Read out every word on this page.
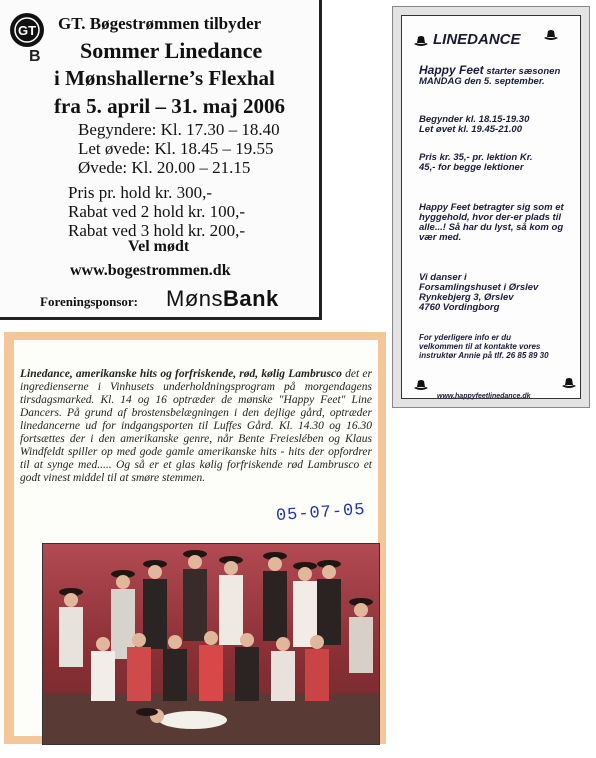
GT
B
GT. Bøgestrømmen tilbyder
Sommer Linedance
i Mønshallerne’s Flexhal
fra 5. april – 31. maj 2006
Begyndere: Kl. 17.30 – 18.40
Let øvede: Kl. 18.45 – 19.55
Øvede: Kl. 20.00 – 21.15
Pris pr. hold kr. 300,-
Rabat ved 2 hold kr. 100,-
Rabat ved 3 hold kr. 200,-
Vel mødt
www.bogestrommen.dk
Foreningsponsor: MønsBank
LINEDANCE
Happy Feet starter sæsonen MANDAG den 5. september.
Begynder kl. 18.15-19.30
Let øvet kl. 19.45-21.00
Pris kr. 35,- pr. lektion Kr. 45,- for begge lektioner
Happy Feet betragter sig som et hyggehold, hvor der-er plads til alle...! Så har du lyst, så kom og vær med.
Vi danser i
Forsamlingshuset i Ørslev
Rynkebjerg 3, Ørslev
4760 Vordingborg
For yderligere info er du velkommen til at kontakte vores instruktør Annie på tlf. 26 85 89 30
www.happyfeetlinedance.dk

Linedance, amerikanske hits og forfriskende, rød, kølig Lambrusco det er ingredienserne i Vinhusets underholdningsprogram på morgendagens tirsdagsmarked. Kl. 14 og 16 optræder de mønske "Happy Feet" Line Dancers. På grund af brostensbelægningen i den dejlige gård, optræder linedancerne ud for indgangsporten til Luffes Gård. Kl. 14.30 og 16.30 fortsættes der i den amerikanske genre, når Bente Freieslében og Klaus Windfeldt spiller op med gode gamle amerikanske hits - hits der opfordrer til at synge med..... Og så er et glas kølig forfriskende rød Lambrusco et godt vinest middel til at smøre stemmen.

05-07-05
